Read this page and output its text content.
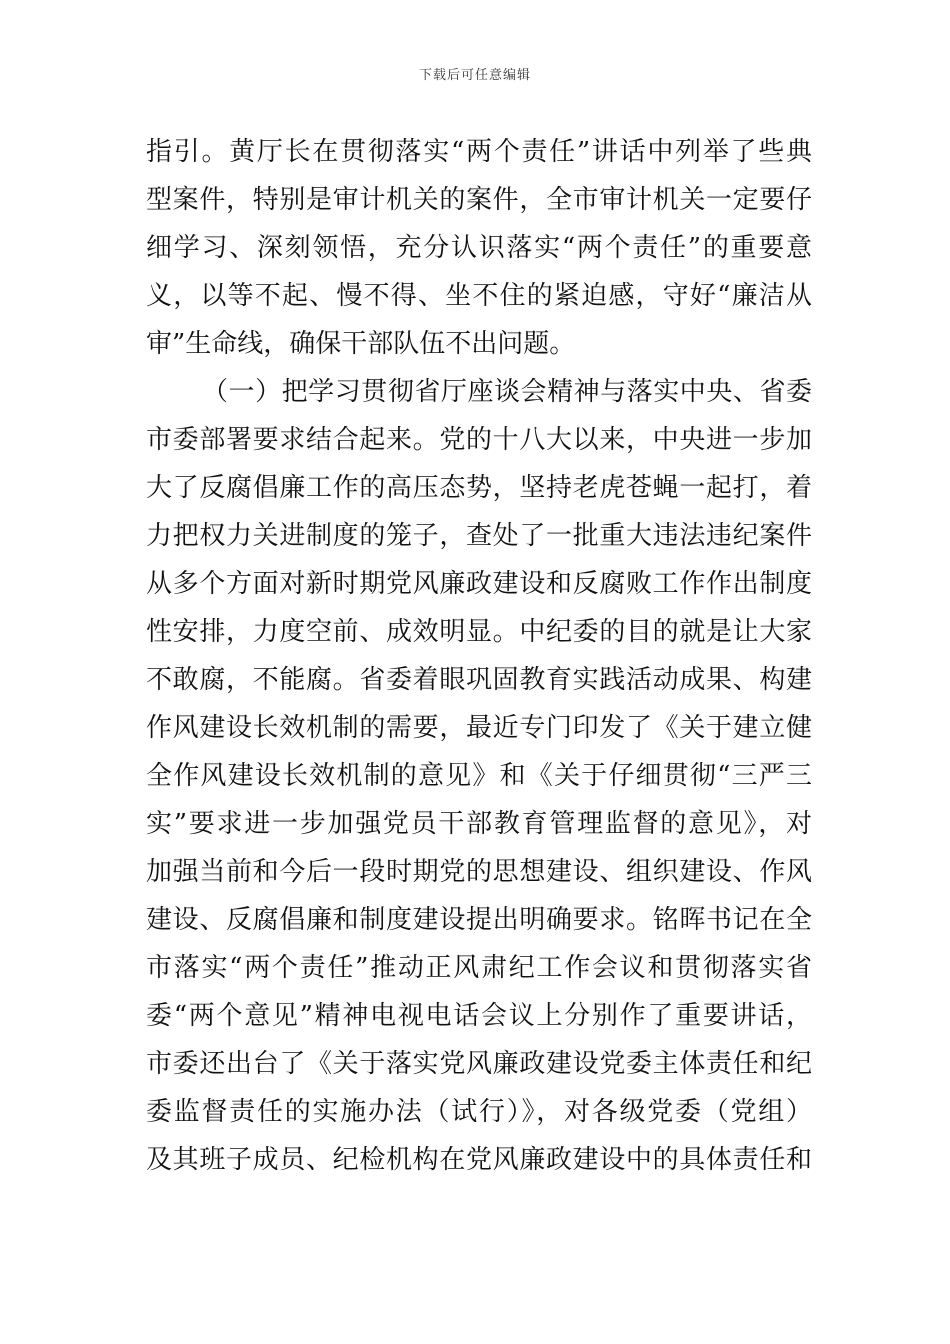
下载后可任意编辑
指引。黄厅长在贯彻落实“两个责任”讲话中列举了些典
型案件，特别是审计机关的案件，全市审计机关一定要仔
细学习、深刻领悟，充分认识落实“两个责任”的重要意
义，以等不起、慢不得、坐不住的紧迫感，守好“廉洁从
审”生命线，确保干部队伍不出问题。
（一）把学习贯彻省厅座谈会精神与落实中央、省委
市委部署要求结合起来。党的十八大以来，中央进一步加
大了反腐倡廉工作的高压态势，坚持老虎苍蝇一起打，着
力把权力关进制度的笼子，查处了一批重大违法违纪案件
从多个方面对新时期党风廉政建设和反腐败工作作出制度
性安排，力度空前、成效明显。中纪委的目的就是让大家
不敢腐，不能腐。省委着眼巩固教育实践活动成果、构建
作风建设长效机制的需要，最近专门印发了《关于建立健
全作风建设长效机制的意见》和《关于仔细贯彻“三严三
实”要求进一步加强党员干部教育管理监督的意见》，对
加强当前和今后一段时期党的思想建设、组织建设、作风
建设、反腐倡廉和制度建设提出明确要求。铭晖书记在全
市落实“两个责任”推动正风肃纪工作会议和贯彻落实省
委“两个意见”精神电视电话会议上分别作了重要讲话，
市委还出台了《关于落实党风廉政建设党委主体责任和纪
委监督责任的实施办法（试行）》，对各级党委（党组）
及其班子成员、纪检机构在党风廉政建设中的具体责任和
